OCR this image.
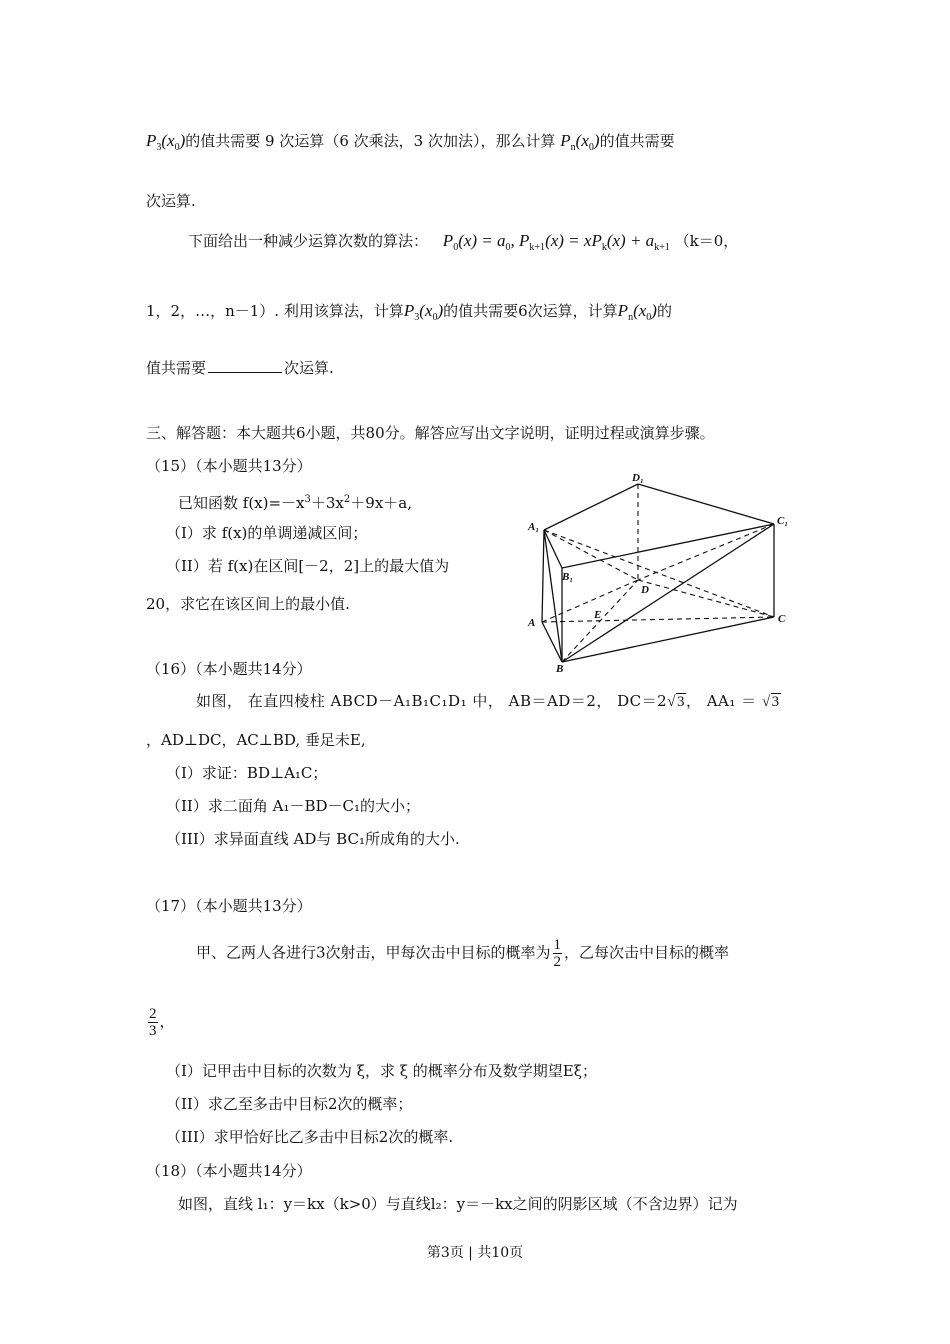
$P_3(x_0)$的值共需要 9 次运算（6 次乘法，3 次加法），那么计算 $P_n(x_0)$的值共需要
次运算.
下面给出一种减少运算次数的算法： $P_0(x) = a_0$, $P_{k+1}(x) = xP_k(x) + a_{k+1}$ （k＝0，
1，2，…，n－1）. 利用该算法，计算$P_3(x_0)$的值共需要6次运算，计算$P_n(x_0)$的
值共需要	次运算.
三、解答题：本大题共6小题，共80分。解答应写出文字说明，证明过程或演算步骤。
（15）（本小题共13分）
已知函数 $f(x)=-x^3+3x^2+9x+a$,
（I）求 f(x)的单调递减区间；
（II）若 f(x)在区间[－2，2]上的最大值为
20，求它在该区间上的最小值.
D₁
A₁	C₁
B₁
D
E
A	C
B
（16）（本小题共14分）
如图， 在直四棱柱 ABCD－A₁B₁C₁D₁ 中， AB＝AD＝2， DC＝2√3， AA₁ ＝ √3
，AD⊥DC，AC⊥BD, 垂足未E,
（I）求证：BD⊥A₁C；
（II）求二面角 A₁－BD－C₁的大小；
（III）求异面直线 AD与 BC₁所成角的大小.
（17）（本小题共13分）
甲、乙两人各进行3次射击，甲每次击中目标的概率为 $\frac{1}{2}$ ，乙每次击中目标的概率
$\frac{2}{3}$ ，
（I）记甲击中目标的次数为 ξ，求 ξ 的概率分布及数学期望Eξ；
（II）求乙至多击中目标2次的概率；
（III）求甲恰好比乙多击中目标2次的概率.
（18）（本小题共14分）
如图，直线 l₁：y＝kx（k>0）与直线l₂：y＝－kx之间的阴影区域（不含边界）记为
第3页 | 共10页
